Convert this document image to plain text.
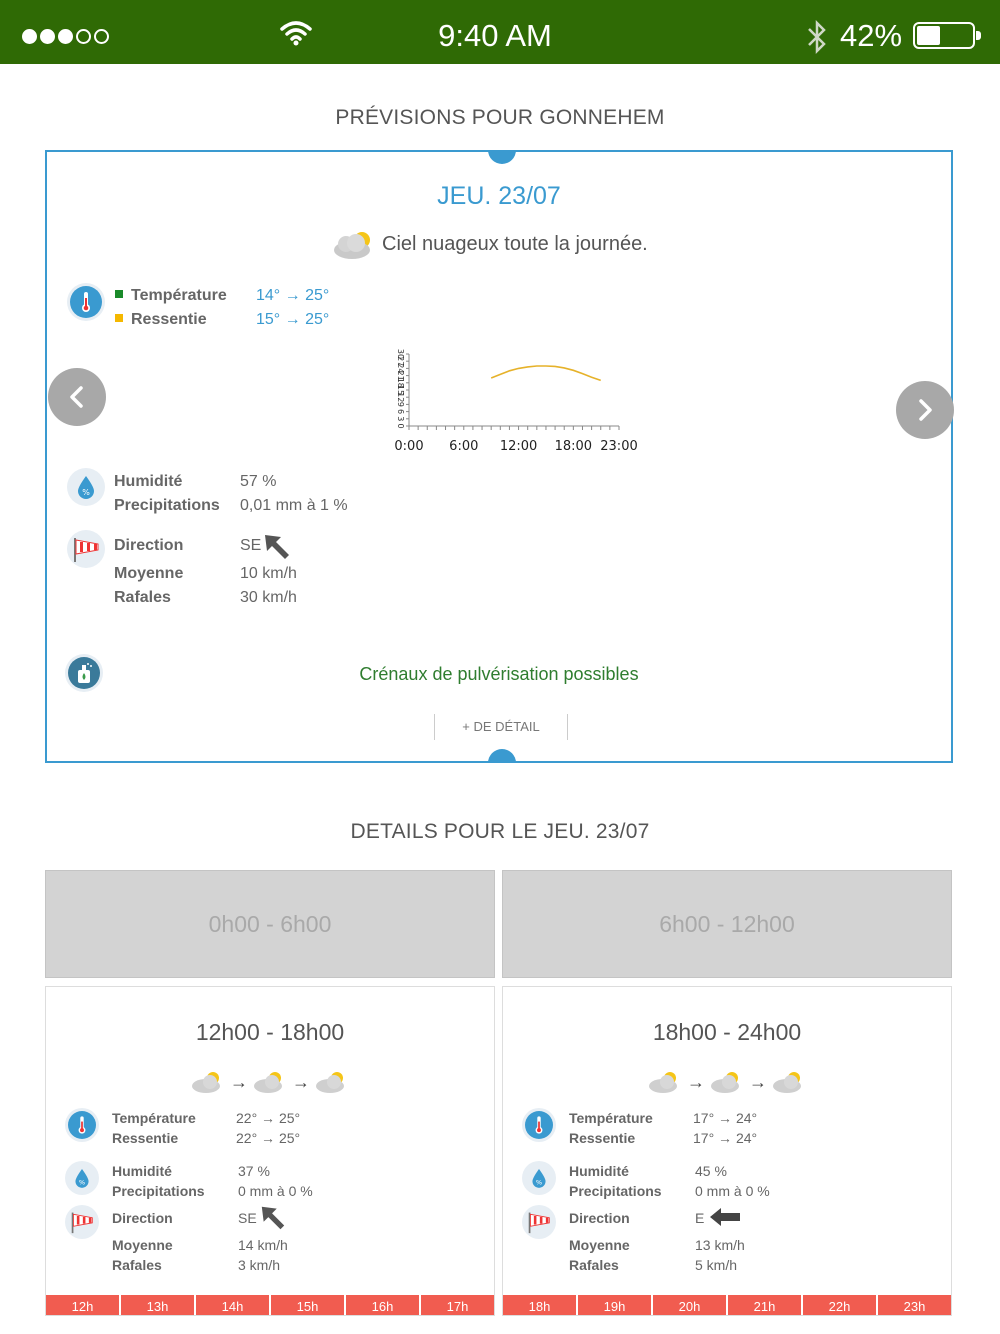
9:40 AM	42%
PRÉVISIONS POUR GONNEHEM
JEU. 23/07
Ciel nuageux toute la journée.
Température 14° → 25°
Ressentie	15° → 25°
30
27
24
21
18
15
12
9
6
3
0
0:00 6:00 12:00 18:00 23:00
%
Humidité	57 %
Precipitations 0,01 mm à 1 %
Direction	SE
Moyenne	10 km/h
Rafales	30 km/h
Crénaux de pulvérisation possibles
+ DE DÉTAIL
DETAILS POUR LE JEU. 23/07
0h00 - 6h00	6h00 - 12h00
12h00 - 18h00
→ →
Température	22° → 25°
Ressentie	22° → 25°
%
Humidité	37 %
Precipitations 0 mm à 0 %
Direction	SE
Moyenne	14 km/h
Rafales	3 km/h
12h	13h	14h	15h	16h	17h
18h00 - 24h00
→ →
Température	17° → 24°
Ressentie	17° → 24°
%
Humidité	45 %
Precipitations 0 mm à 0 %
Direction	E
Moyenne	13 km/h
Rafales	5 km/h
18h	19h	20h	21h	22h	23h
